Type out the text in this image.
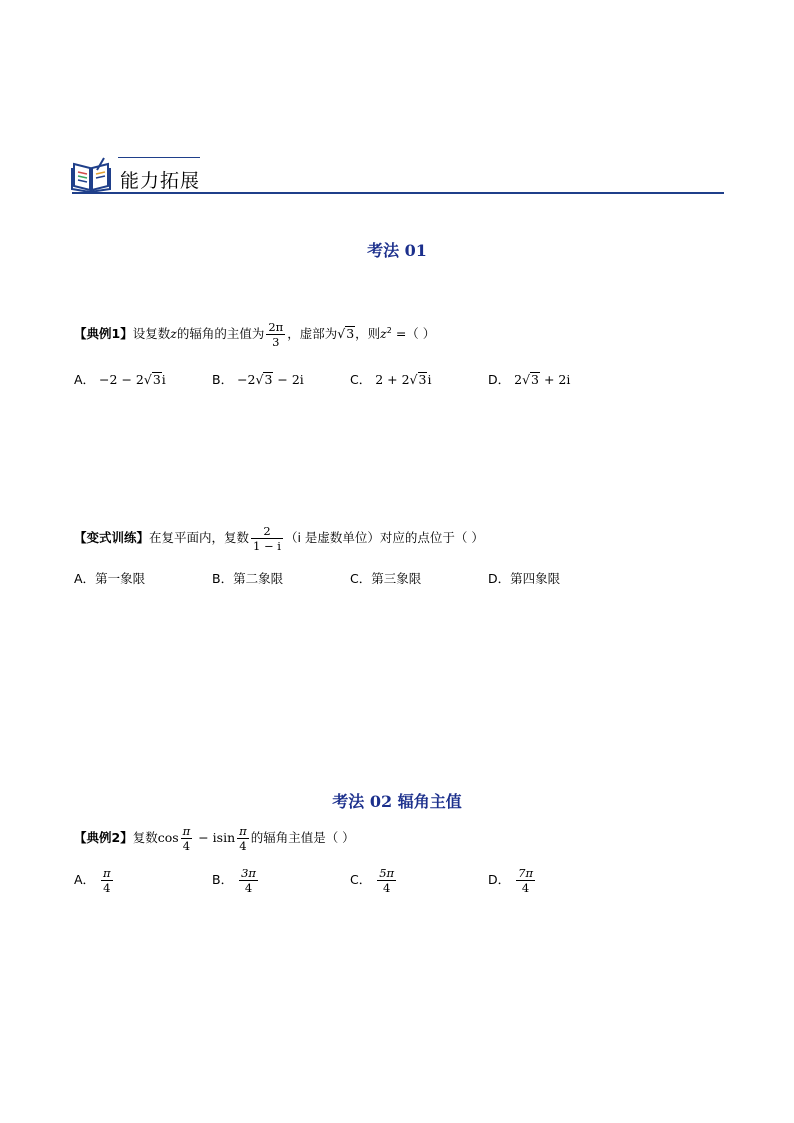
能力拓展
考法 01
【典例1】设复数z的辐角的主值为 $\frac{2\pi}{3}$ ，虚部为√3，则$z^2$ =（ ）
A． −2 − 2√3i	B． −2√3 − 2i	C． 2 + 2√3i	D． 2√3 + 2i
【变式训练】在复平面内，复数 $\frac{2}{1 - i} (i$ 是虚数单位）对应的点位于（ ）
A．第一象限	B．第二象限	C．第三象限	D．第四象限
考法 02 辐角主值
【典例2】复数$\cos \frac{\pi}{4} - isin \frac{\pi}{4}$ 的辐角主值是（ ）
A． $\frac{\pi}{4}$	B． $\frac{3\pi}{4}$	C． $\frac{5\pi}{4}$	D． $\frac{7\pi}{4}$
